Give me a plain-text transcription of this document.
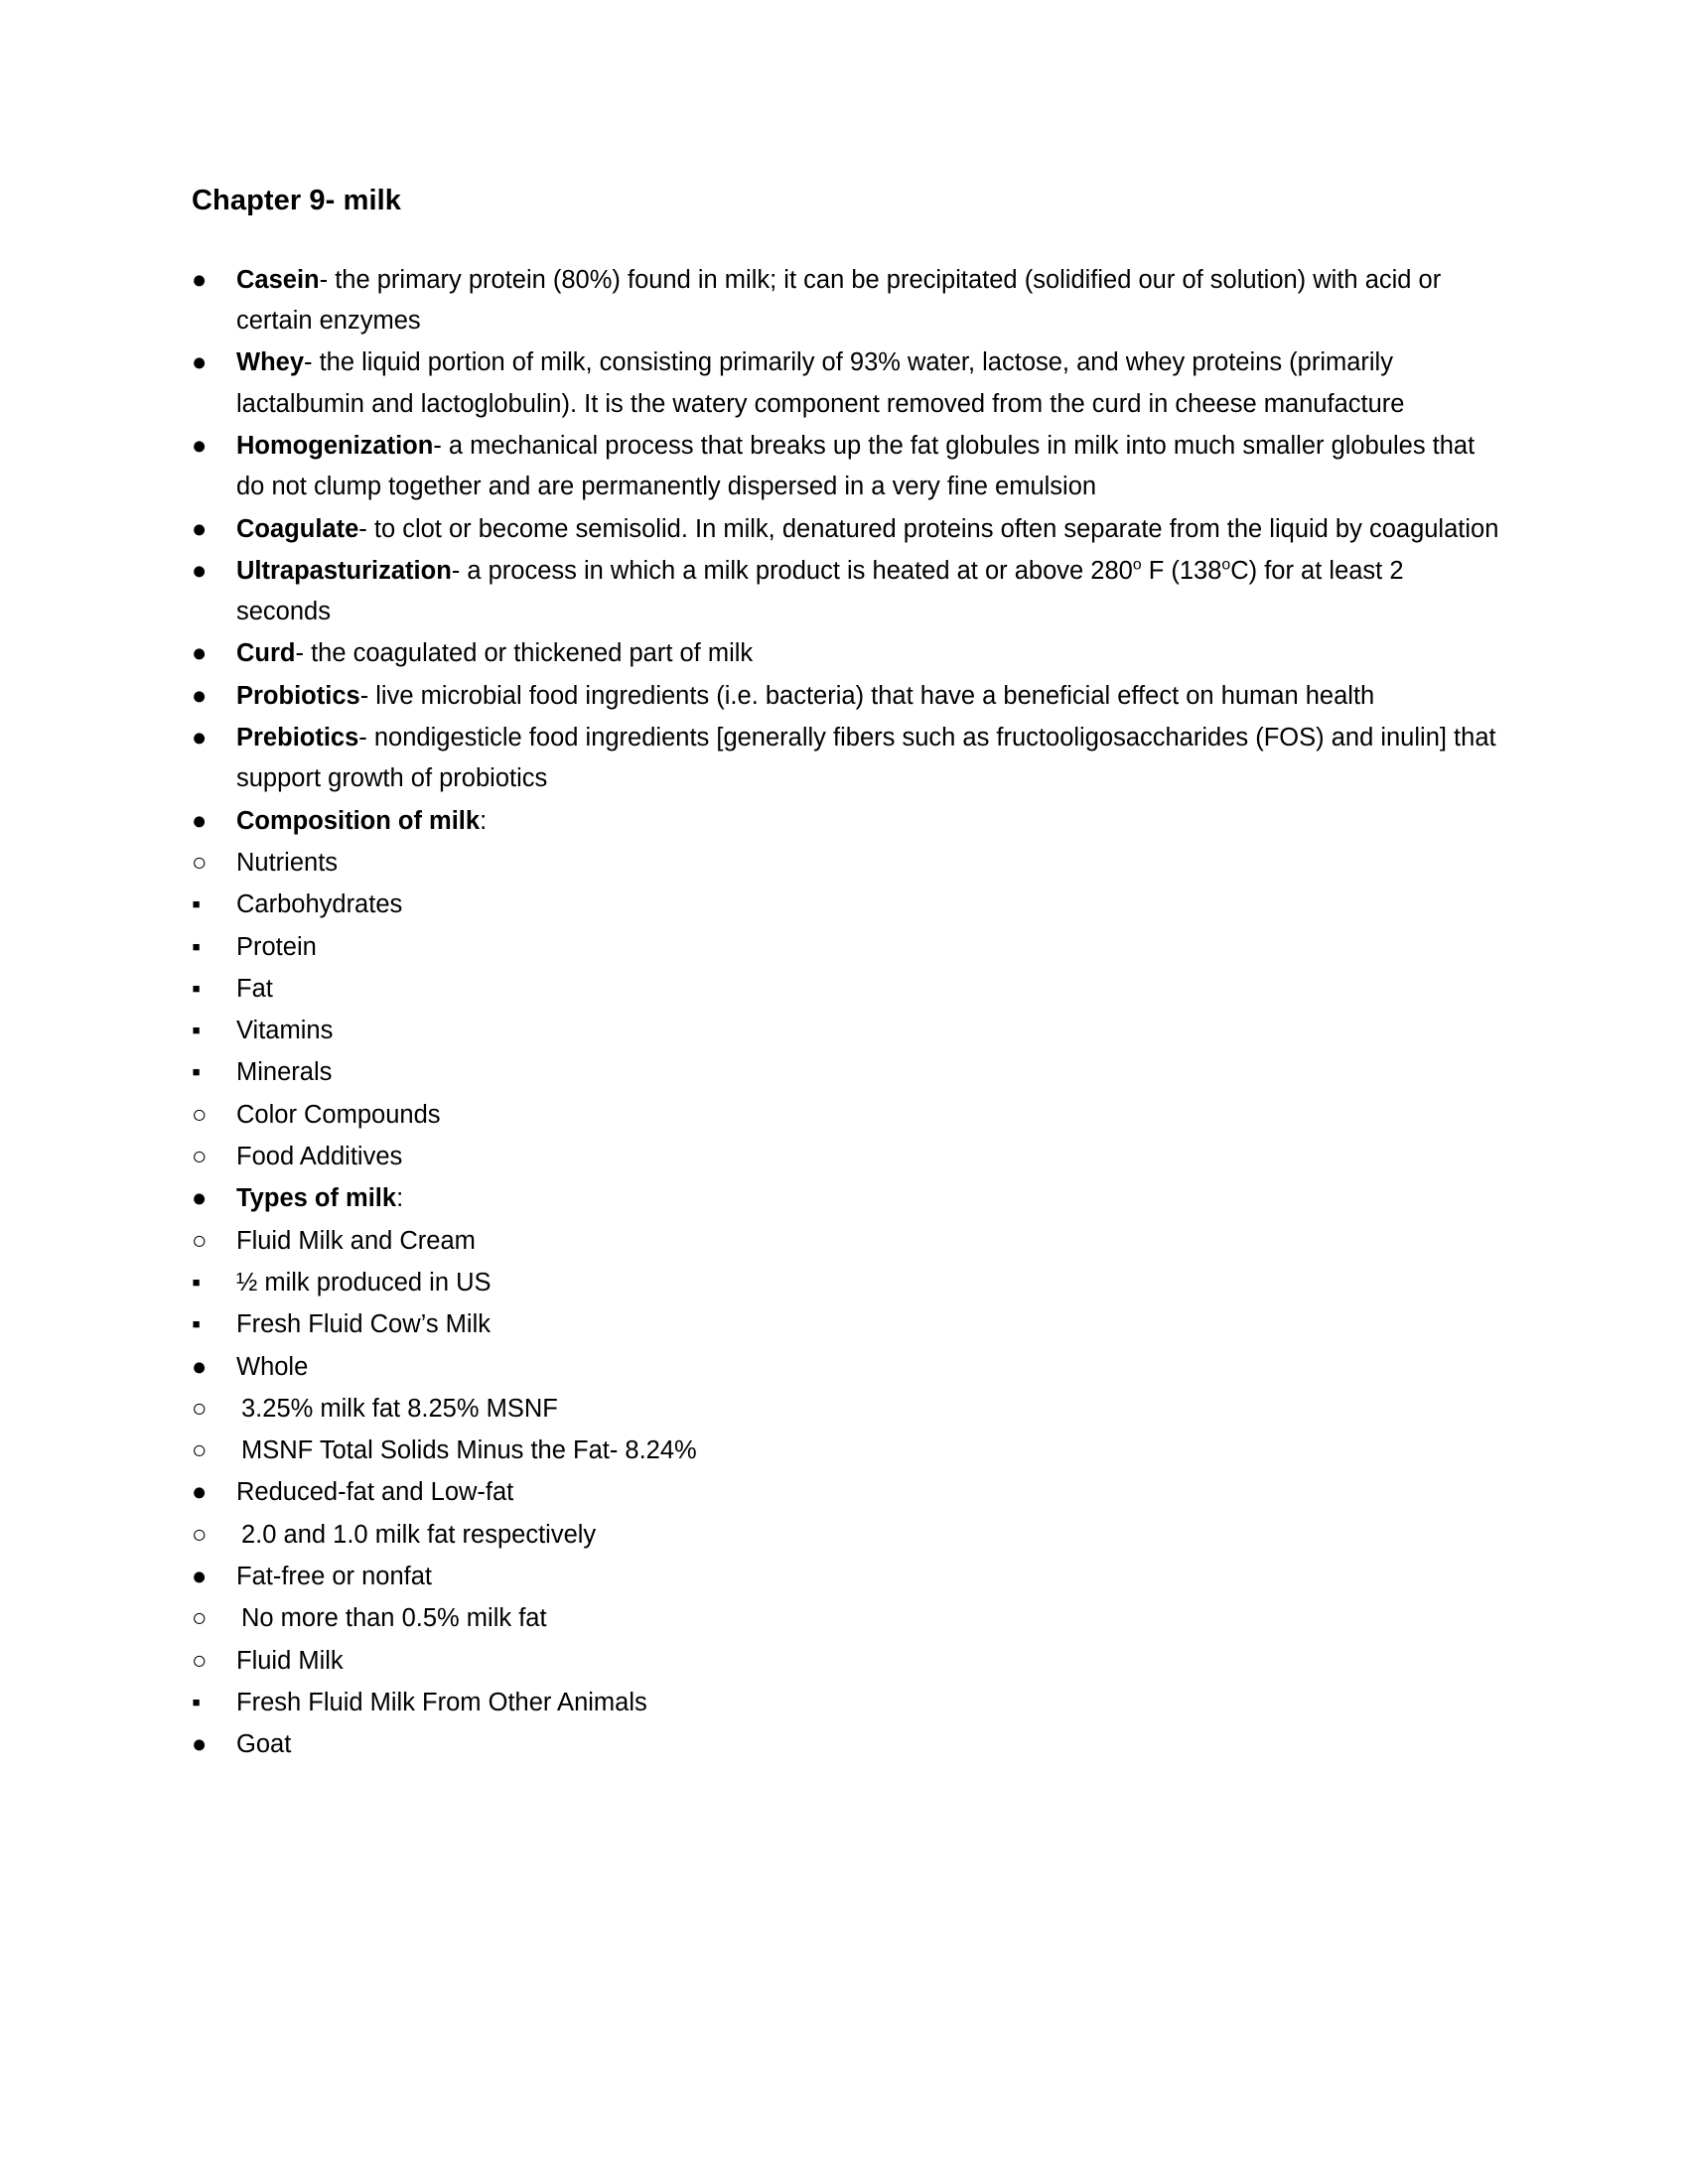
Chapter 9- milk
●	Casein- the primary protein (80%) found in milk; it can be precipitated (solidified our of solution) with acid or certain enzymes
●	Whey- the liquid portion of milk, consisting primarily of 93% water, lactose, and whey proteins (primarily lactalbumin and lactoglobulin). It is the watery component removed from the curd in cheese manufacture
●	Homogenization- a mechanical process that breaks up the fat globules in milk into much smaller globules that do not clump together and are permanently dispersed in a very fine emulsion
●	Coagulate- to clot or become semisolid. In milk, denatured proteins often separate from the liquid by coagulation
●	Ultrapasturization- a process in which a milk product is heated at or above 280$^o$ F (138$^o$C) for at least 2 seconds
●	Curd- the coagulated or thickened part of milk
●	Probiotics- live microbial food ingredients (i.e. bacteria) that have a beneficial effect on human health
●	Prebiotics- nondigesticle food ingredients [generally fibers such as fructooligosaccharides (FOS) and inulin] that support growth of probiotics
●	Composition of milk:
○	Nutrients
▪	Carbohydrates
▪	Protein
▪	Fat
▪	Vitamins
▪	Minerals
○	Color Compounds
○	Food Additives
●	Types of milk:
○	Fluid Milk and Cream
▪	½ milk produced in US
▪	Fresh Fluid Cow’s Milk
●	Whole
○	3.25% milk fat 8.25% MSNF
○	MSNF Total Solids Minus the Fat- 8.24%
●	Reduced-fat and Low-fat
○	2.0 and 1.0 milk fat respectively
●	Fat-free or nonfat
○	No more than 0.5% milk fat
○	Fluid Milk
▪	Fresh Fluid Milk From Other Animals
●	Goat
